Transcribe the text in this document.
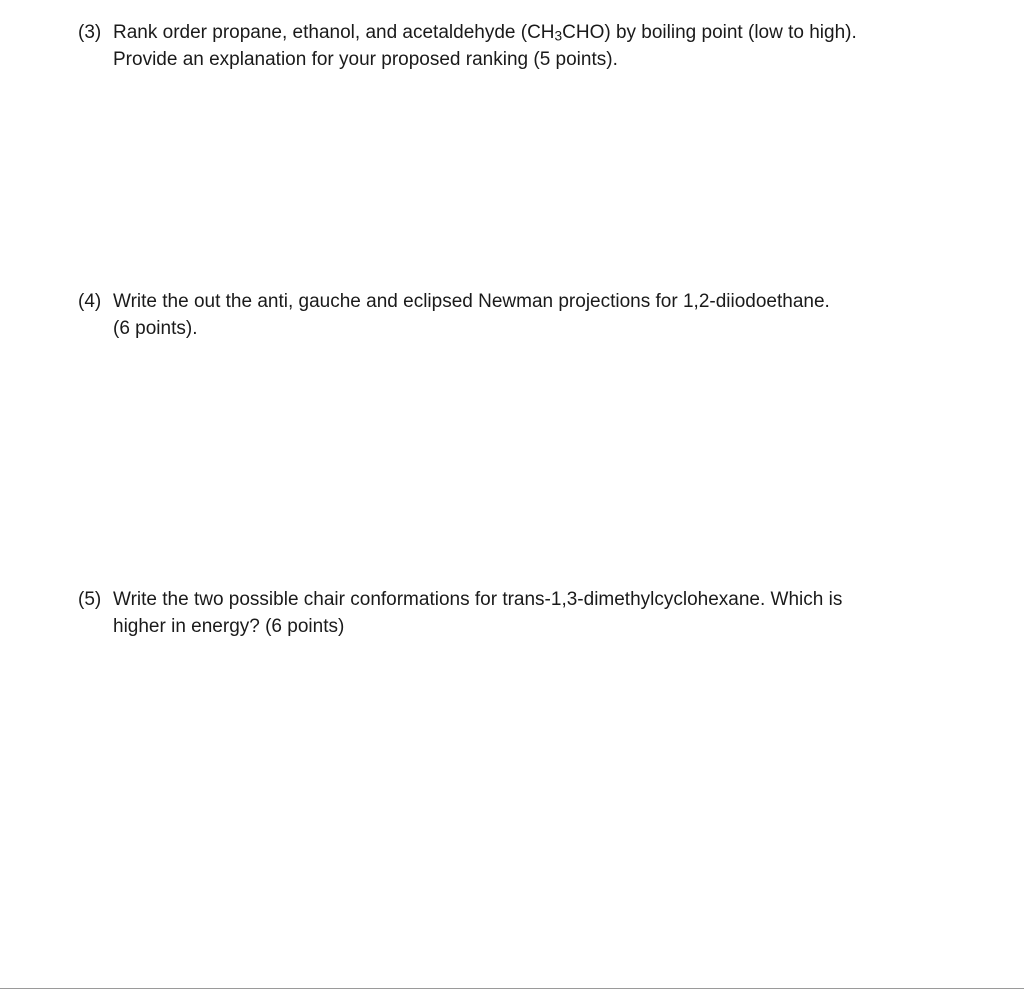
(3) Rank order propane, ethanol, and acetaldehyde (CH3CHO) by boiling point (low to high).
Provide an explanation for your proposed ranking (5 points).
(4) Write the out the anti, gauche and eclipsed Newman projections for 1,2-diiodoethane.
(6 points).
(5) Write the two possible chair conformations for trans-1,3-dimethylcyclohexane. Which is
higher in energy? (6 points)
